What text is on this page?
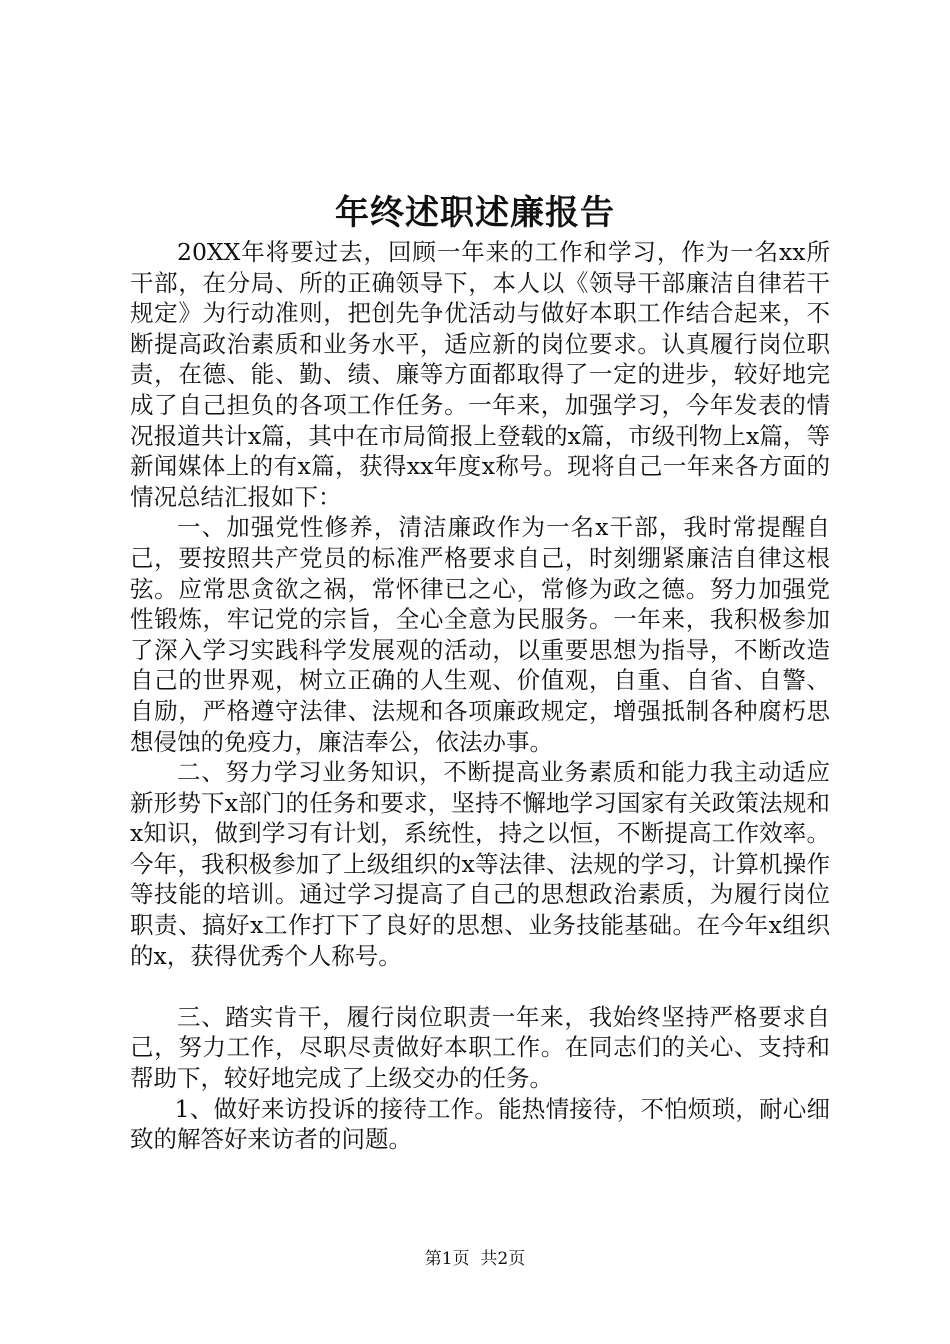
年终述职述廉报告

20XX年将要过去，回顾一年来的工作和学习，作为一名xx所干部，在分局、所的正确领导下，本人以《领导干部廉洁自律若干规定》为行动准则，把创先争优活动与做好本职工作结合起来，不断提高政治素质和业务水平，适应新的岗位要求。认真履行岗位职责，在德、能、勤、绩、廉等方面都取得了一定的进步，较好地完成了自己担负的各项工作任务。一年来，加强学习，今年发表的情况报道共计x篇，其中在市局简报上登载的x篇，市级刊物上x篇，等新闻媒体上的有x篇，获得xx年度x称号。现将自己一年来各方面的情况总结汇报如下：

一、加强党性修养，清洁廉政作为一名x干部，我时常提醒自己，要按照共产党员的标准严格要求自己，时刻绷紧廉洁自律这根弦。应常思贪欲之祸，常怀律已之心，常修为政之德。努力加强党性锻炼，牢记党的宗旨，全心全意为民服务。一年来，我积极参加了深入学习实践科学发展观的活动，以重要思想为指导，不断改造自己的世界观，树立正确的人生观、价值观，自重、自省、自警、自励，严格遵守法律、法规和各项廉政规定，增强抵制各种腐朽思想侵蚀的免疫力，廉洁奉公，依法办事。

二、努力学习业务知识，不断提高业务素质和能力我主动适应新形势下x部门的任务和要求，坚持不懈地学习国家有关政策法规和x知识，做到学习有计划，系统性，持之以恒，不断提高工作效率。今年，我积极参加了上级组织的x等法律、法规的学习，计算机操作等技能的培训。通过学习提高了自己的思想政治素质，为履行岗位职责、搞好x工作打下了良好的思想、业务技能基础。在今年x组织的x，获得优秀个人称号。

三、踏实肯干，履行岗位职责一年来，我始终坚持严格要求自己，努力工作，尽职尽责做好本职工作。在同志们的关心、支持和帮助下，较好地完成了上级交办的任务。

1、做好来访投诉的接待工作。能热情接待，不怕烦琐，耐心细致的解答好来访者的问题。

第1页 共2页
